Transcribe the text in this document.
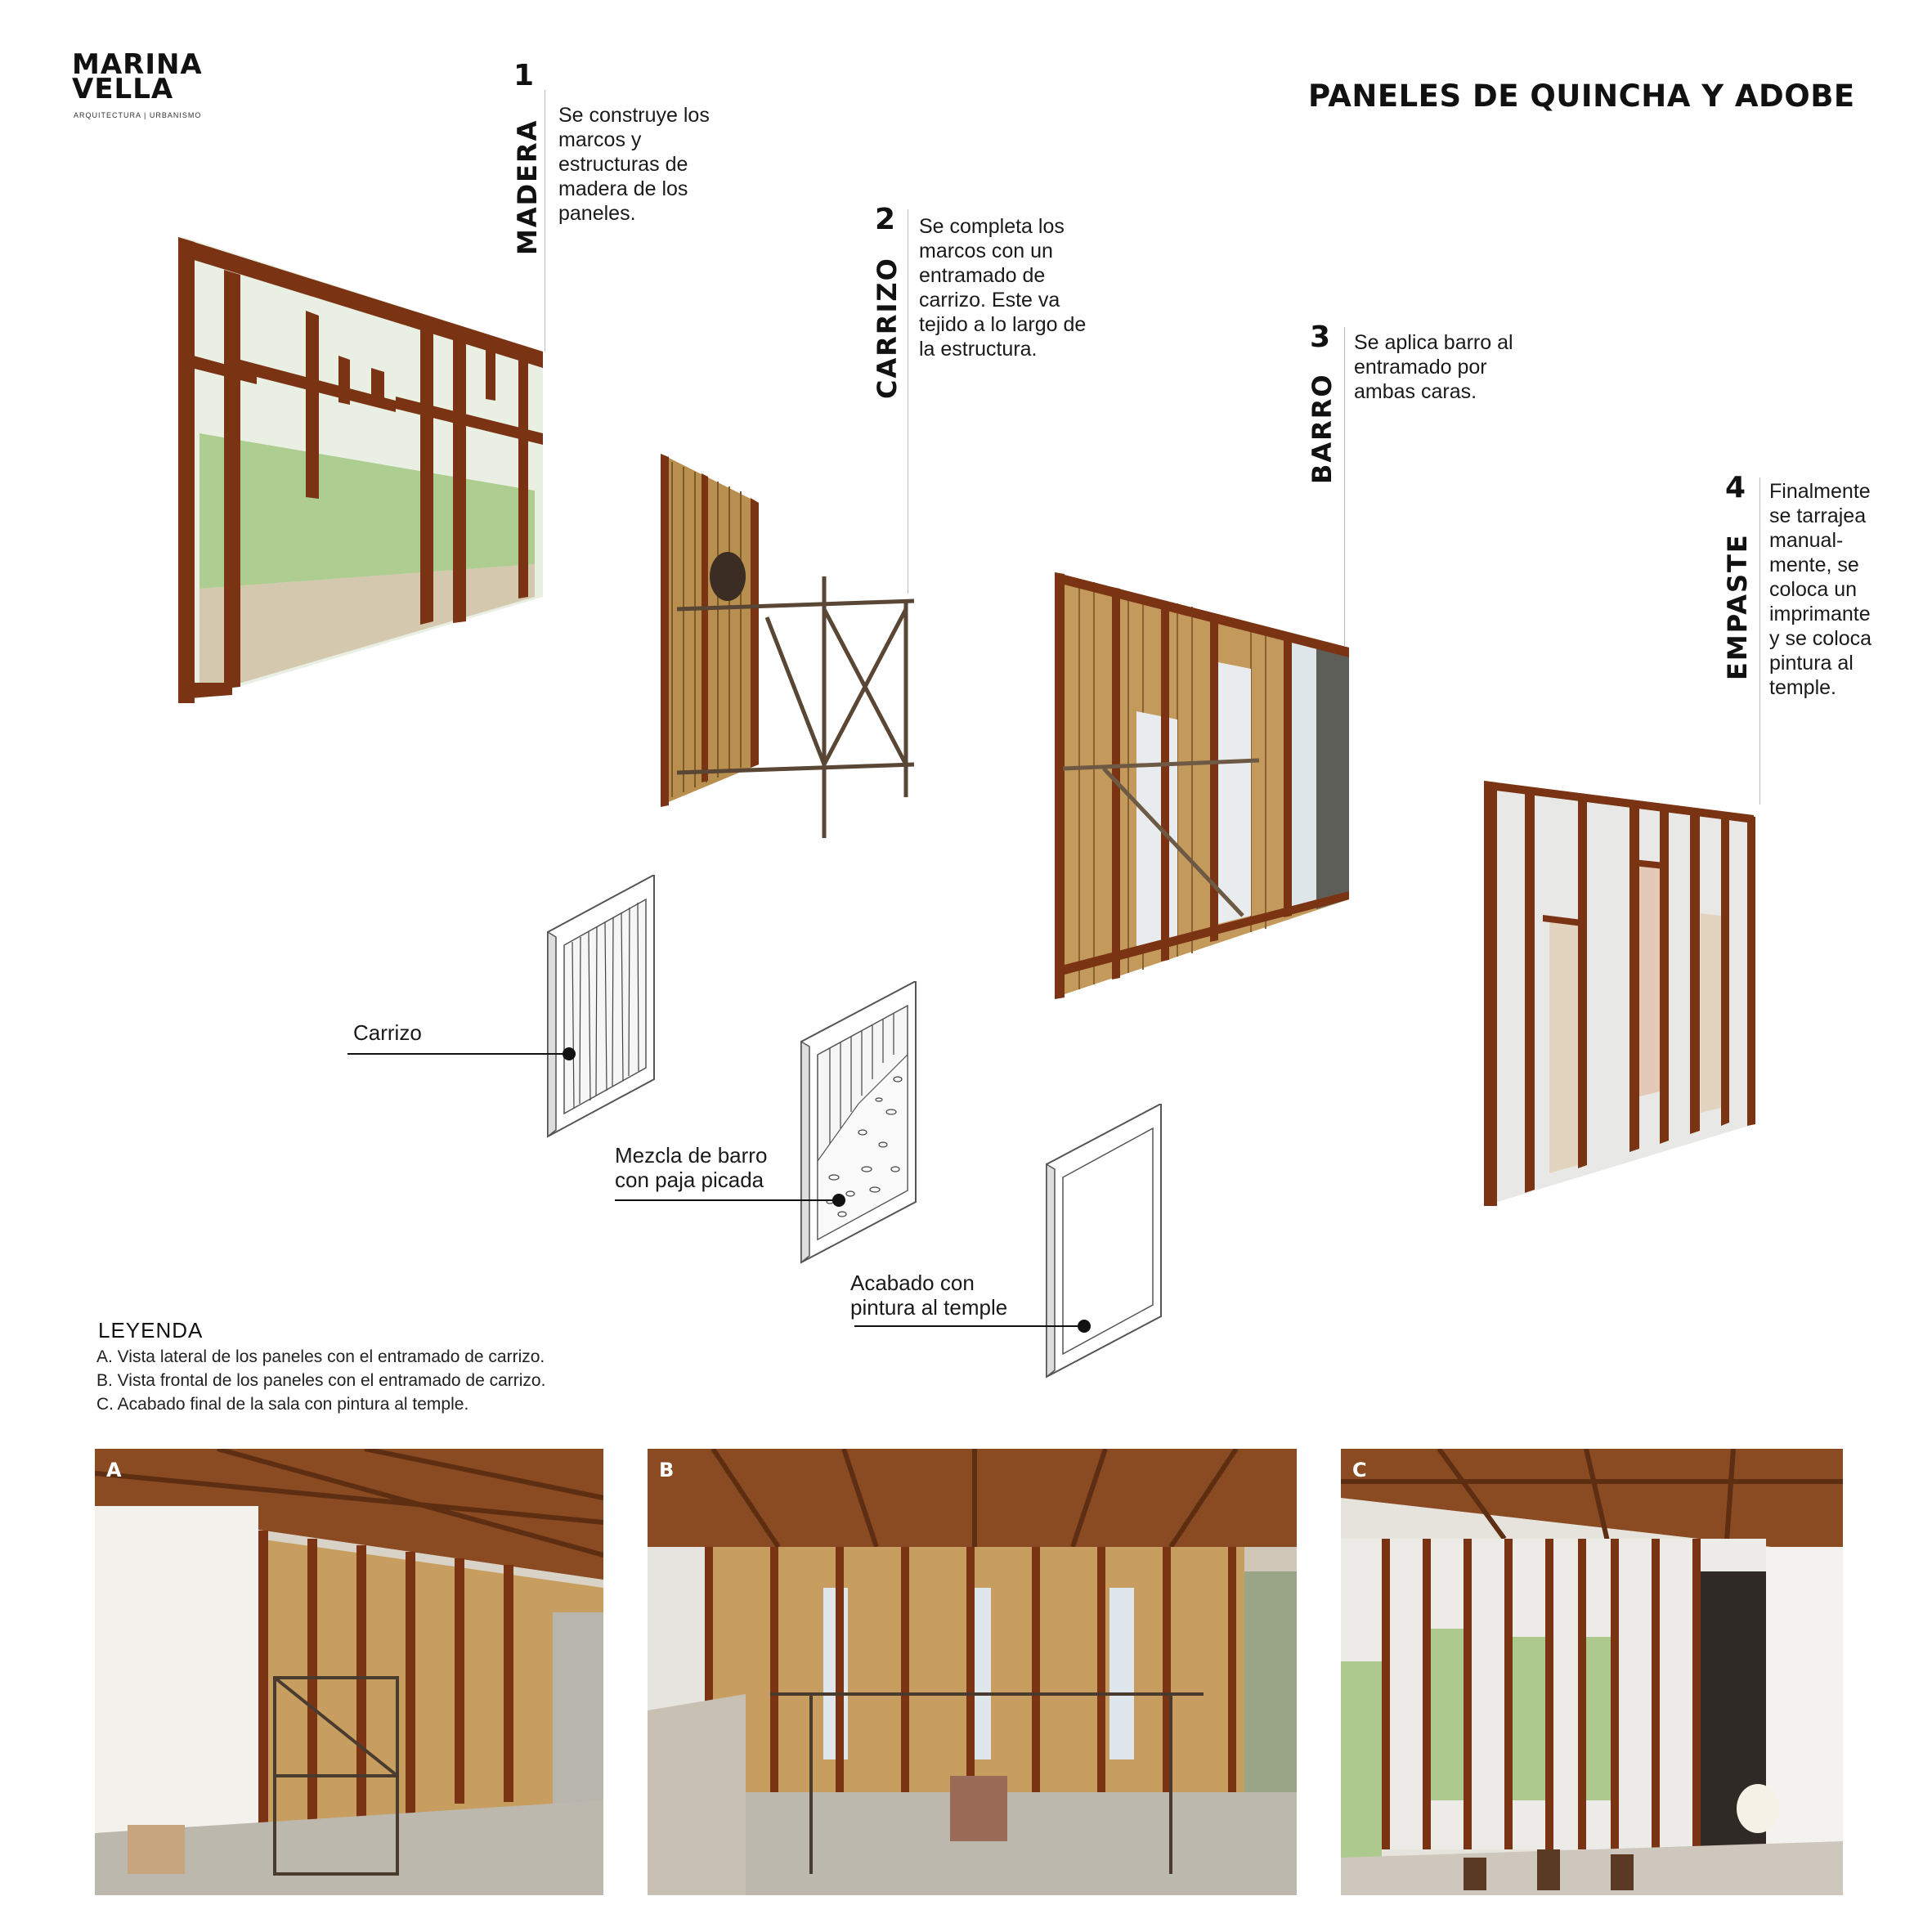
MARINA
VELLA
ARQUITECTURA | URBANISMO
PANELES DE QUINCHA Y ADOBE
1
MADERA
Se construye los
marcos y
estructuras de
madera de los
paneles.	2
CARRIZO
Se completa los
marcos con un
entramado de
carrizo. Este va
tejido a lo largo de
la estructura.	3
BARRO
Se aplica barro al
entramado por
ambas caras.
4
EMPASTE
Finalmente
se tarrajea
manual-
mente, se
coloca un
imprimante
y se coloca
pintura al
temple.
Carrizo
Mezcla de barro
con paja picada
Acabado con
pintura al temple
LEYENDA
A. Vista lateral de los paneles con el entramado de carrizo.
B. Vista frontal de los paneles con el entramado de carrizo.
C. Acabado final de la sala con pintura al temple.
A	B	C
